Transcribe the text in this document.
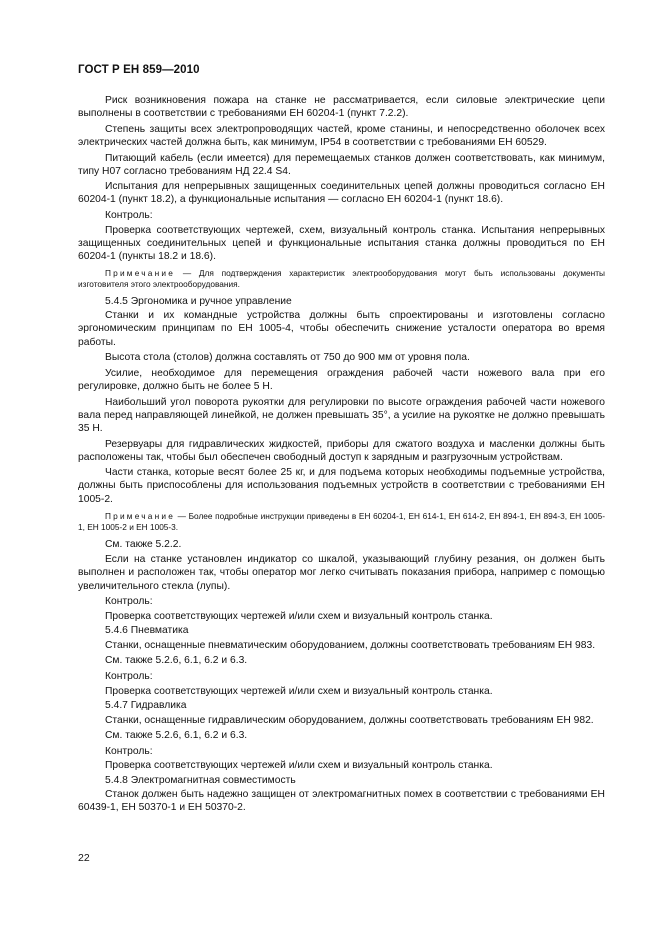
ГОСТ Р ЕН 859—2010

Риск возникновения пожара на станке не рассматривается, если силовые электрические цепи выполнены в соответствии с требованиями ЕН 60204-1 (пункт 7.2.2).

Степень защиты всех электропроводящих частей, кроме станины, и непосредственно оболочек всех электрических частей должна быть, как минимум, IP54 в соответствии с требованиями ЕН 60529.

Питающий кабель (если имеется) для перемещаемых станков должен соответствовать, как минимум, типу H07 согласно требованиям НД 22.4 S4.

Испытания для непрерывных защищенных соединительных цепей должны проводиться согласно ЕН 60204-1 (пункт 18.2), а функциональные испытания — согласно ЕН 60204-1 (пункт 18.6).

Контроль:

Проверка соответствующих чертежей, схем, визуальный контроль станка. Испытания непрерывных защищенных соединительных цепей и функциональные испытания станка должны проводиться по ЕН 60204-1 (пункты 18.2 и 18.6).

Примечание — Для подтверждения характеристик электрооборудования могут быть использованы документы изготовителя этого электрооборудования.

5.4.5 Эргономика и ручное управление

Станки и их командные устройства должны быть спроектированы и изготовлены согласно эргономическим принципам по ЕН 1005-4, чтобы обеспечить снижение усталости оператора во время работы.

Высота стола (столов) должна составлять от 750 до 900 мм от уровня пола.

Усилие, необходимое для перемещения ограждения рабочей части ножевого вала при его регулировке, должно быть не более 5 Н.

Наибольший угол поворота рукоятки для регулировки по высоте ограждения рабочей части ножевого вала перед направляющей линейкой, не должен превышать 35°, а усилие на рукоятке не должно превышать 35 Н.

Резервуары для гидравлических жидкостей, приборы для сжатого воздуха и масленки должны быть расположены так, чтобы был обеспечен свободный доступ к зарядным и разгрузочным устройствам.

Части станка, которые весят более 25 кг, и для подъема которых необходимы подъемные устройства, должны быть приспособлены для использования подъемных устройств в соответствии с требованиями ЕН 1005-2.

Примечание — Более подробные инструкции приведены в ЕН 60204-1, ЕН 614-1, ЕН 614-2, ЕН 894-1, ЕН 894-3, ЕН 1005-1, ЕН 1005-2 и ЕН 1005-3.

См. также 5.2.2.

Если на станке установлен индикатор со шкалой, указывающий глубину резания, он должен быть выполнен и расположен так, чтобы оператор мог легко считывать показания прибора, например с помощью увеличительного стекла (лупы).

Контроль:

Проверка соответствующих чертежей и/или схем и визуальный контроль станка.

5.4.6 Пневматика

Станки, оснащенные пневматическим оборудованием, должны соответствовать требованиям ЕН 983.

См. также 5.2.6, 6.1, 6.2 и 6.3.

Контроль:

Проверка соответствующих чертежей и/или схем и визуальный контроль станка.

5.4.7 Гидравлика

Станки, оснащенные гидравлическим оборудованием, должны соответствовать требованиям ЕН 982.

См. также 5.2.6, 6.1, 6.2 и 6.3.

Контроль:

Проверка соответствующих чертежей и/или схем и визуальный контроль станка.

5.4.8 Электромагнитная совместимость

Станок должен быть надежно защищен от электромагнитных помех в соответствии с требованиями ЕН 60439-1, ЕН 50370-1 и ЕН 50370-2.

22
